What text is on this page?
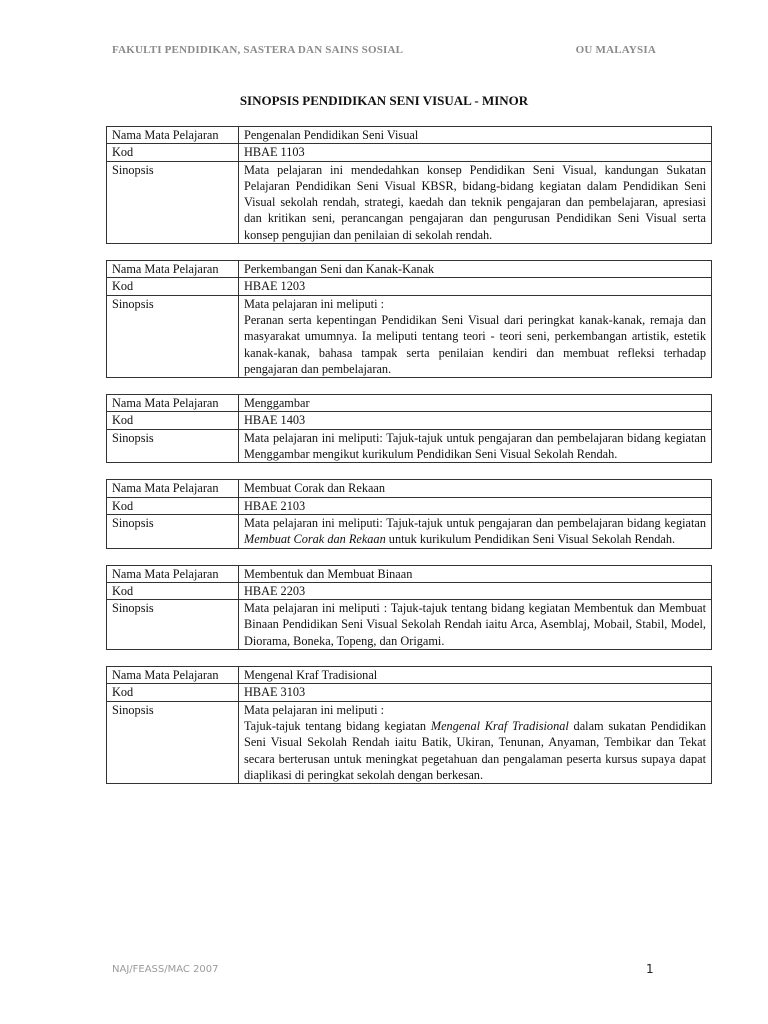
FAKULTI PENDIDIKAN, SASTERA DAN SAINS SOSIAL	OU MALAYSIA
SINOPSIS PENDIDIKAN SENI VISUAL - MINOR
Nama Mata Pelajaran	Pengenalan Pendidikan Seni Visual
Kod	HBAE 1103
Sinopsis	Mata pelajaran ini mendedahkan konsep Pendidikan Seni Visual, kandungan Sukatan Pelajaran Pendidikan Seni Visual KBSR, bidang-bidang kegiatan dalam Pendidikan Seni Visual sekolah rendah, strategi, kaedah dan teknik pengajaran dan pembelajaran, apresiasi dan kritikan seni, perancangan pengajaran dan pengurusan Pendidikan Seni Visual serta konsep pengujian dan penilaian di sekolah rendah.
Nama Mata Pelajaran	Perkembangan Seni dan Kanak-Kanak
Kod	HBAE 1203
Sinopsis	Mata pelajaran ini meliputi :
Peranan serta kepentingan Pendidikan Seni Visual dari peringkat kanak-kanak, remaja dan masyarakat umumnya. Ia meliputi tentang teori - teori seni, perkembangan artistik, estetik kanak-kanak, bahasa tampak serta penilaian kendiri dan membuat refleksi terhadap pengajaran dan pembelajaran.
Nama Mata Pelajaran	Menggambar
Kod	HBAE 1403
Sinopsis	Mata pelajaran ini meliputi: Tajuk-tajuk untuk pengajaran dan pembelajaran bidang kegiatan Menggambar mengikut kurikulum Pendidikan Seni Visual Sekolah Rendah.
Nama Mata Pelajaran	Membuat Corak dan Rekaan
Kod	HBAE 2103
Sinopsis	Mata pelajaran ini meliputi: Tajuk-tajuk untuk pengajaran dan pembelajaran bidang kegiatan Membuat Corak dan Rekaan untuk kurikulum Pendidikan Seni Visual Sekolah Rendah.
Nama Mata Pelajaran	Membentuk dan Membuat Binaan
Kod	HBAE 2203
Sinopsis	Mata pelajaran ini meliputi : Tajuk-tajuk tentang bidang kegiatan Membentuk dan Membuat Binaan Pendidikan Seni Visual Sekolah Rendah iaitu Arca, Asemblaj, Mobail, Stabil, Model, Diorama, Boneka, Topeng, dan Origami.
Nama Mata Pelajaran	Mengenal Kraf Tradisional
Kod	HBAE 3103
Sinopsis	Mata pelajaran ini meliputi :
Tajuk-tajuk tentang bidang kegiatan Mengenal Kraf Tradisional dalam sukatan Pendidikan Seni Visual Sekolah Rendah iaitu Batik, Ukiran, Tenunan, Anyaman, Tembikar dan Tekat secara berterusan untuk meningkat pegetahuan dan pengalaman peserta kursus supaya dapat diaplikasi di peringkat sekolah dengan berkesan.
NAJ/FEASS/MAC 2007	1
